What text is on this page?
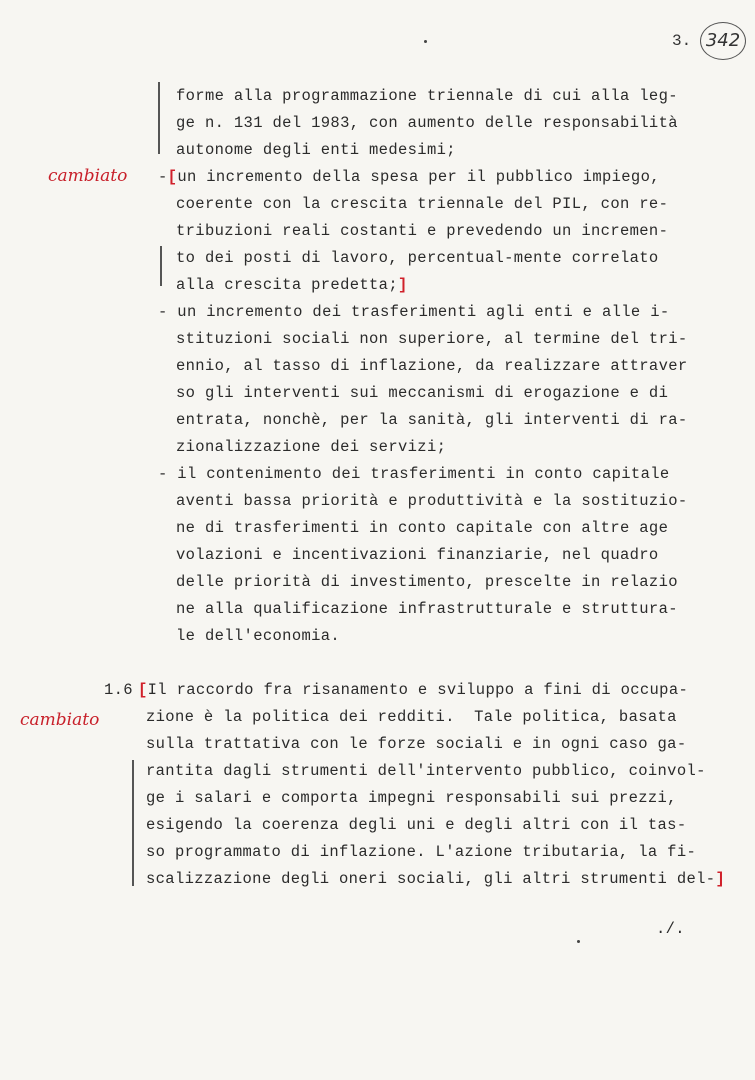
3. 342
cambiato
cambiato

forme alla programmazione triennale di cui alla leg-

ge n. 131 del 1983, con aumento delle responsabilità

autonome degli enti medesimi;

-[un incremento della spesa per il pubblico impiego,

coerente con la crescita triennale del PIL, con re-

tribuzioni reali costanti e prevedendo un incremen-

to dei posti di lavoro, percentual-mente correlato

alla crescita predetta;]

- un incremento dei trasferimenti agli enti e alle i-

stituzioni sociali non superiore, al termine del tri-

ennio, al tasso di inflazione, da realizzare attraver

so gli interventi sui meccanismi di erogazione e di

entrata, nonchè, per la sanità, gli interventi di ra-

zionalizzazione dei servizi;

- il contenimento dei trasferimenti in conto capitale

aventi bassa priorità e produttività e la sostituzio-

ne di trasferimenti in conto capitale con altre age

volazioni e incentivazioni finanziarie, nel quadro

delle priorità di investimento, prescelte in relazio

ne alla qualificazione infrastrutturale e struttura-

le dell'economia.

1.6 [Il raccordo fra risanamento e sviluppo a fini di occupa-

zione è la politica dei redditi.  Tale politica, basata

sulla trattativa con le forze sociali e in ogni caso ga-

rantita dagli strumenti dell'intervento pubblico, coinvol-

ge i salari e comporta impegni responsabili sui prezzi,

esigendo la coerenza degli uni e degli altri con il tas-

so programmato di inflazione. L'azione tributaria, la fi-

scalizzazione degli oneri sociali, gli altri strumenti del-]

./.
